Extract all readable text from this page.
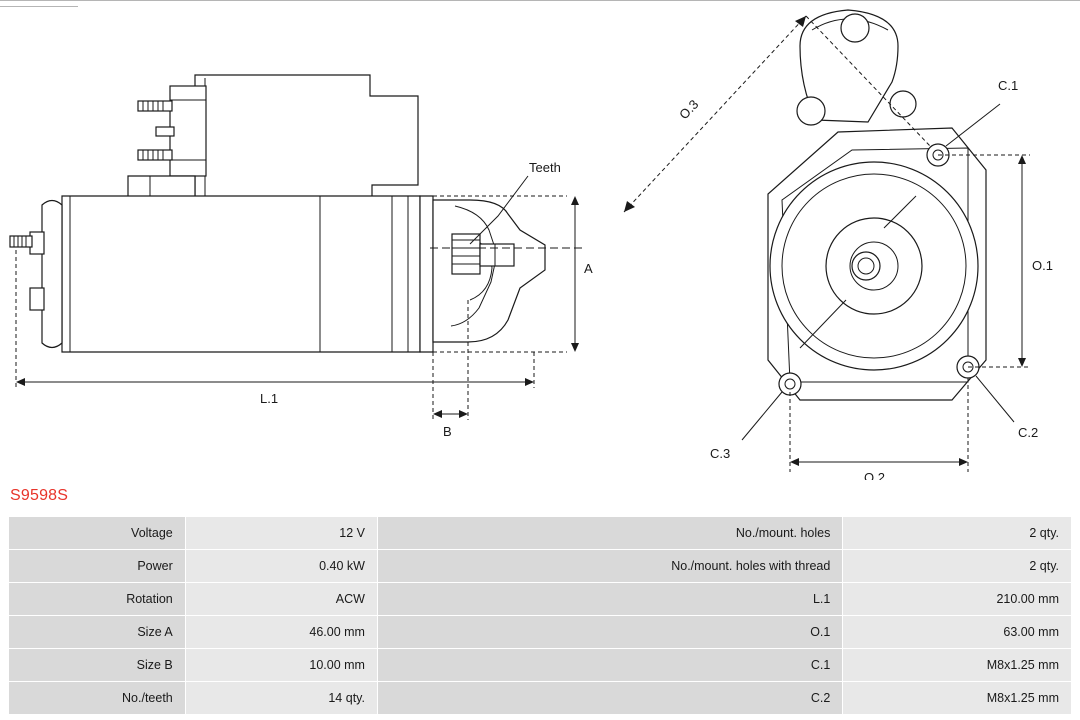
Teeth
A
L.1
B
O.3
C.1
C.2
C.3
O.1
O.2
S9598S
Voltage	12 V	No./mount. holes	2 qty.
Power	0.40 kW	No./mount. holes with thread	2 qty.
Rotation	ACW	L.1	210.00 mm
Size A	46.00 mm	O.1	63.00 mm
Size B	10.00 mm	C.1	M8x1.25 mm
No./teeth	14 qty.	C.2	M8x1.25 mm
